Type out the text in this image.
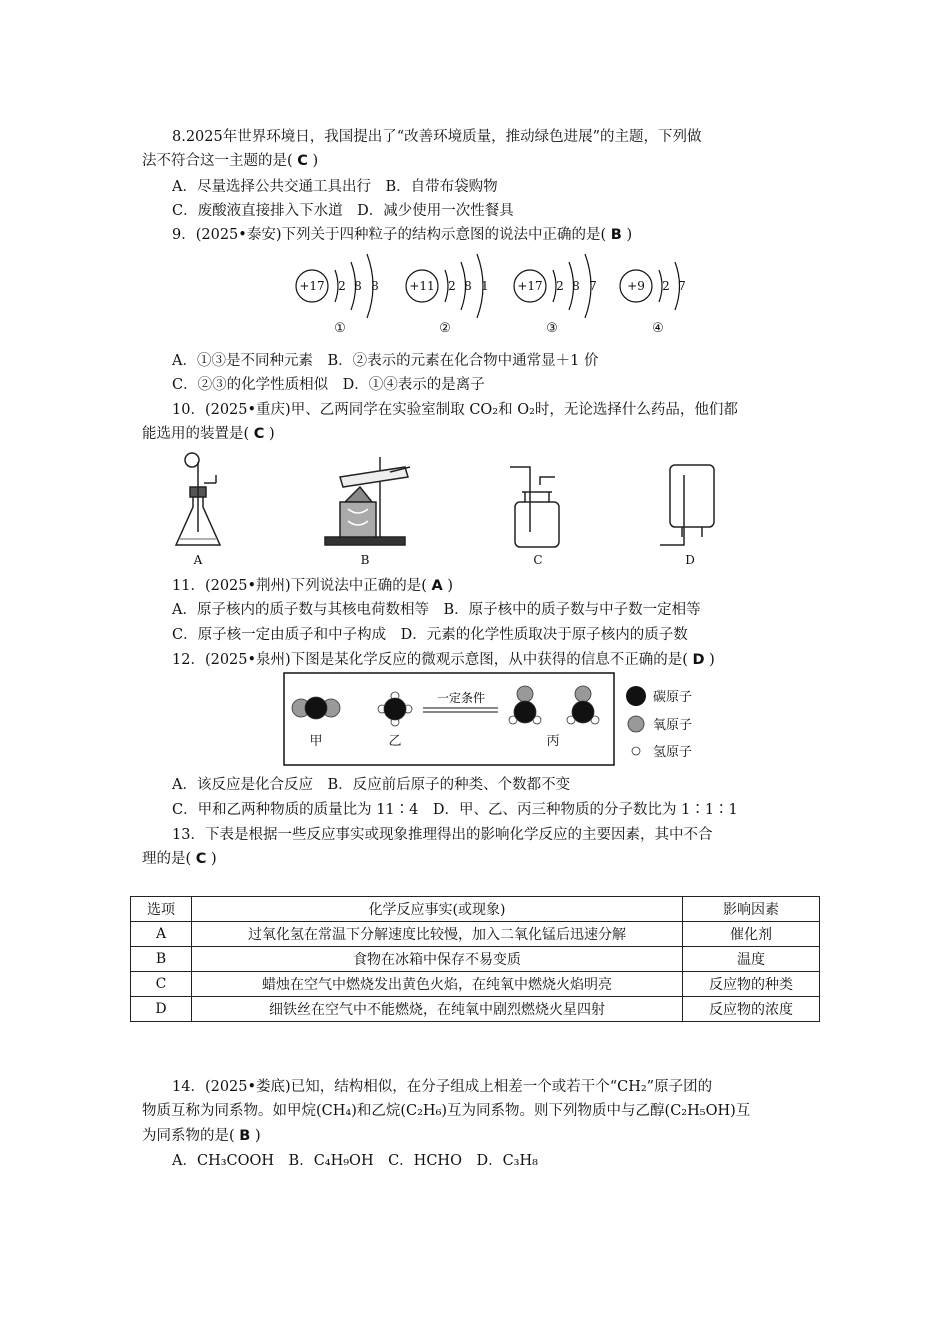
8.2025年世界环境日，我国提出了“改善环境质量，推动绿色进展”的主题，下列做
法不符合这一主题的是( C )
A．尽量选择公共交通工具出行　B．自带布袋购物
C．废酸液直接排入下水道　D．减少使用一次性餐具
9．(2025•泰安)下列关于四种粒子的结构示意图的说法中正确的是( B )
+17 2 8 8
①
+11 2 8 1
②
+17 2 8 7
③
+9 2 7
④
A．①③是不同种元素　B．②表示的元素在化合物中通常显＋1 价
C．②③的化学性质相似　D．①④表示的是离子
10．(2025•重庆)甲、乙两同学在实验室制取 CO₂和 O₂时，无论选择什么药品，他们都
能选用的装置是( C )
A	B	C	D
11．(2025•荆州)下列说法中正确的是( A )
A．原子核内的质子数与其核电荷数相等　B．原子核中的质子数与中子数一定相等
C．原子核一定由质子和中子构成　D．元素的化学性质取决于原子核内的质子数
12．(2025•泉州)下图是某化学反应的微观示意图，从中获得的信息不正确的是( D )
一定条件
甲	乙	丙
碳原子
氧原子
氢原子
A．该反应是化合反应　B．反应前后原子的种类、个数都不变
C．甲和乙两种物质的质量比为 11∶4　D．甲、乙、丙三种物质的分子数比为 1∶1∶1
13．下表是根据一些反应事实或现象推理得出的影响化学反应的主要因素，其中不合
理的是( C )
选项	化学反应事实(或现象)	影响因素
A	过氧化氢在常温下分解速度比较慢，加入二氧化锰后迅速分解	催化剂
B	食物在冰箱中保存不易变质	温度
C	蜡烛在空气中燃烧发出黄色火焰，在纯氧中燃烧火焰明亮	反应物的种类
D	细铁丝在空气中不能燃烧，在纯氧中剧烈燃烧火星四射	反应物的浓度
14．(2025•娄底)已知，结构相似，在分子组成上相差一个或若干个“CH₂”原子团的
物质互称为同系物。如甲烷(CH₄)和乙烷(C₂H₆)互为同系物。则下列物质中与乙醇(C₂H₅OH)互
为同系物的是( B )
A．CH₃COOH　B．C₄H₉OH　C．HCHO　D．C₃H₈
